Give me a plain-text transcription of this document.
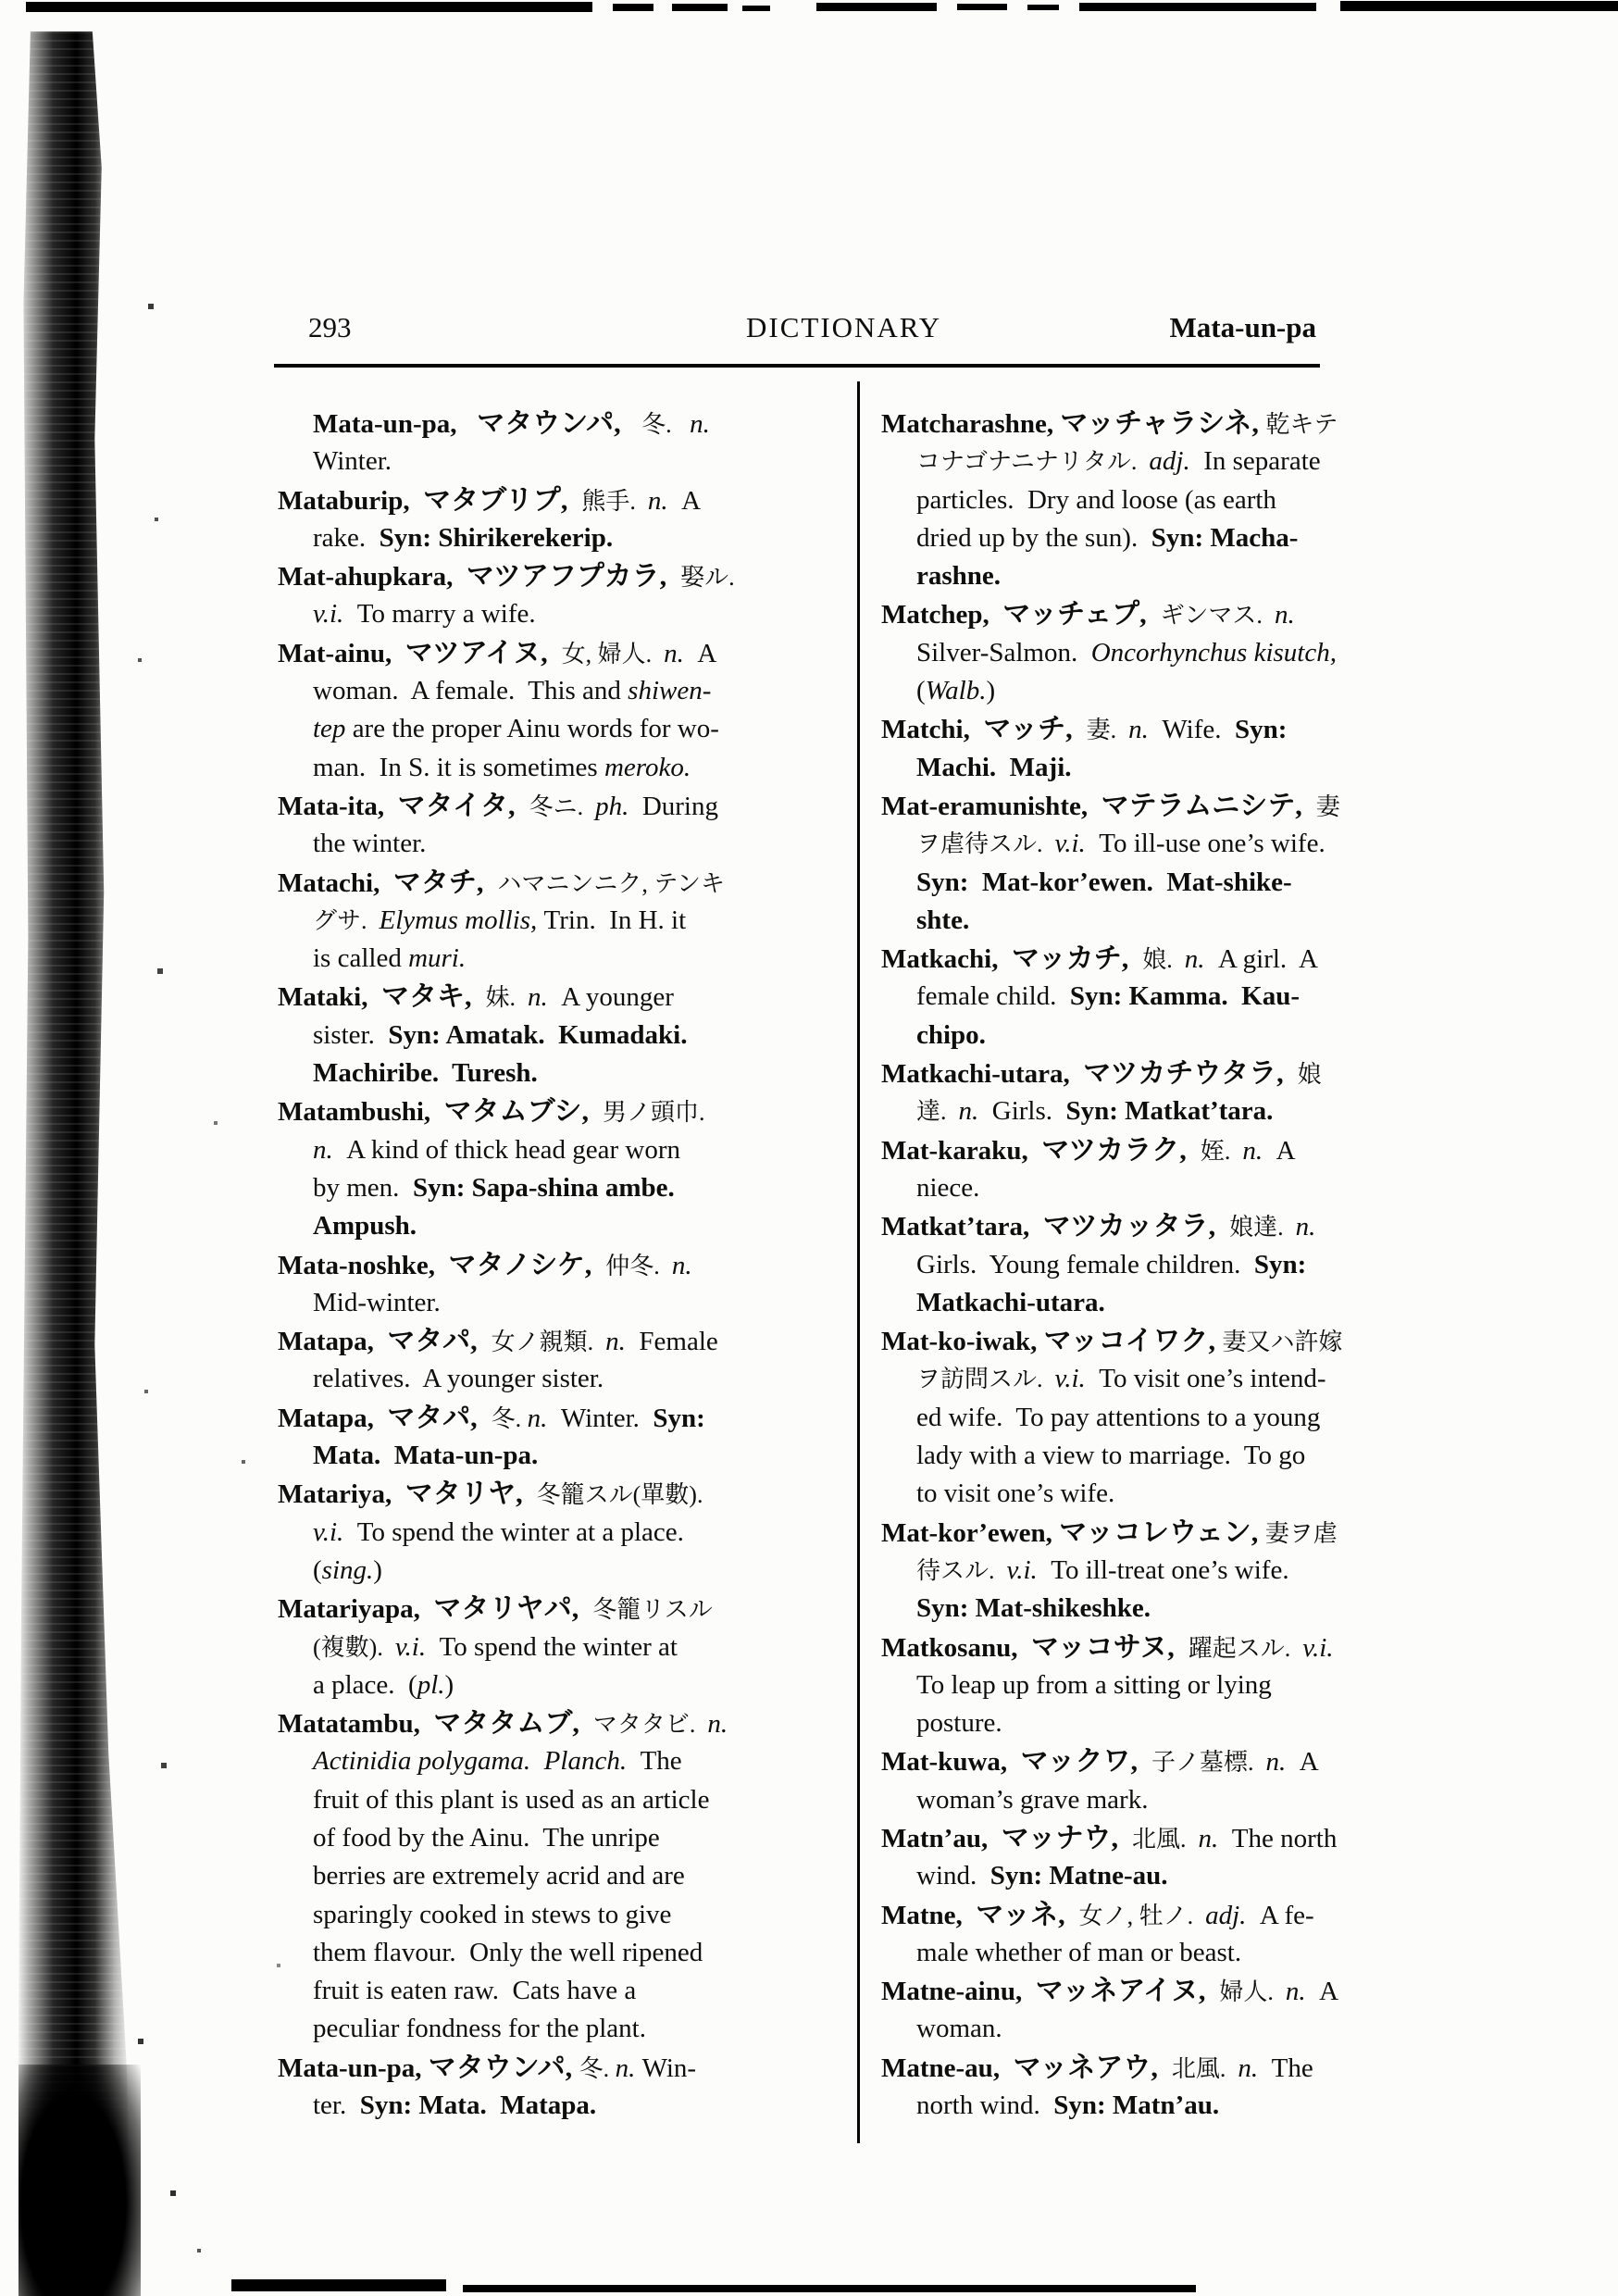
293	DICTIONARY	Mata-un-pa
Mata-un-pa,   マタウンパ,   冬.   n.
Winter.
Mataburip,  マタブリプ,  熊手.  n.  A
rake.  Syn: Shirikerekerip.
Mat-ahupkara,  マツアフプカラ,  娶ル.
v.i.  To marry a wife.
Mat-ainu,  マツアイヌ,  女, 婦人.  n.  A
woman.  A female.  This and shiwen-
tep are the proper Ainu words for wo-
man.  In S. it is sometimes meroko.
Mata-ita,  マタイタ,  冬ニ.  ph.  During
the winter.
Matachi,  マタチ,  ハマニンニク, テンキ
グサ.  Elymus mollis, Trin.  In H. it
is called muri.
Mataki,  マタキ,  妹.  n.  A younger
sister.  Syn: Amatak.  Kumadaki.
Machiribe.  Turesh.
Matambushi,  マタムブシ,  男ノ頭巾.
n.  A kind of thick head gear worn
by men.  Syn: Sapa-shina ambe.
Ampush.
Mata-noshke,  マタノシケ,  仲冬.  n.
Mid-winter.
Matapa,  マタパ,  女ノ親類.  n.  Female
relatives.  A younger sister.
Matapa,  マタパ,  冬. n.  Winter.  Syn:
Mata.  Mata-un-pa.
Matariya,  マタリヤ,  冬籠スル(單數).
v.i.  To spend the winter at a place.
(sing.)
Matariyapa,  マタリヤパ,  冬籠リスル
(複數).  v.i.  To spend the winter at
a place.  (pl.)
Matatambu,  マタタムブ,  マタタビ.  n.
Actinidia polygama.  Planch.  The
fruit of this plant is used as an article
of food by the Ainu.  The unripe
berries are extremely acrid and are
sparingly cooked in stews to give
them flavour.  Only the well ripened
fruit is eaten raw.  Cats have a
peculiar fondness for the plant.
Mata-un-pa, マタウンパ, 冬. n. Win-
ter.  Syn: Mata.  Matapa.
Matcharashne, マッチャラシネ, 乾キテ
コナゴナニナリタル.  adj.  In separate
particles.  Dry and loose (as earth
dried up by the sun).  Syn: Macha-
rashne.
Matchep,  マッチェプ,  ギンマス.  n.
Silver-Salmon.  Oncorhynchus kisutch,
(Walb.)
Matchi,  マッチ,  妻.  n.  Wife.  Syn:
Machi.  Maji.
Mat-eramunishte,  マテラムニシテ,  妻
ヲ虐待スル.  v.i.  To ill-use one’s wife.
Syn:  Mat-kor’ewen.  Mat-shike-
shte.
Matkachi,  マッカチ,  娘.  n.  A girl.  A
female child.  Syn: Kamma.  Kau-
chipo.
Matkachi-utara,  マツカチウタラ,  娘
達.  n.  Girls.  Syn: Matkat’tara.
Mat-karaku,  マツカラク,  姪.  n.  A
niece.
Matkat’tara,  マツカッタラ,  娘達.  n.
Girls.  Young female children.  Syn:
Matkachi-utara.
Mat-ko-iwak, マッコイワク, 妻又ハ許嫁
ヲ訪問スル.  v.i.  To visit one’s intend-
ed wife.  To pay attentions to a young
lady with a view to marriage.  To go
to visit one’s wife.
Mat-kor’ewen, マッコレウェン, 妻ヲ虐
待スル.  v.i.  To ill-treat one’s wife.
Syn: Mat-shikeshke.
Matkosanu,  マッコサヌ,  躍起スル.  v.i.
To leap up from a sitting or lying
posture.
Mat-kuwa,  マックワ,  子ノ墓標.  n.  A
woman’s grave mark.
Matn’au,  マッナウ,  北風.  n.  The north
wind.  Syn: Matne-au.
Matne,  マッネ,  女ノ, 牡ノ.  adj.  A fe-
male whether of man or beast.
Matne-ainu,  マッネアイヌ,  婦人.  n.  A
woman.
Matne-au,  マッネアウ,  北風.  n.  The
north wind.  Syn: Matn’au.
